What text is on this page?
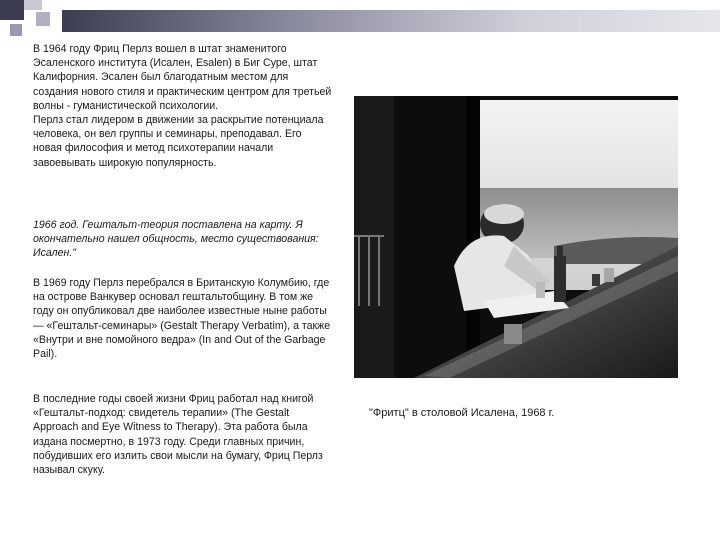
В 1964 году Фриц Перлз вошел в штат знаменитого Эсаленского института (Исален, Esalen) в Биг Суре, штат Калифорния. Эсален был благодатным местом для создания нового стиля и практическим центром для третьей волны - гуманистической психологии.

Перлз стал лидером в движении за раскрытие потенциала человека, он вел группы и семинары, преподавал. Его новая философия и метод психотерапии начали завоевывать широкую популярность.

1966 год. Гештальт-теория поставлена на карту. Я окончательно нашел общность, место существования: Исален."

В 1969 году Перлз перебрался в Британскую Колумбию, где на острове Ванкувер основал гештальтобщину. В том же году он опубликовал две наиболее известные ныне работы — «Гештальт-семинары» (Gestalt Therapy Verbatim), а также «Внутри и вне помойного ведра» (In and Out of the Garbage Pail).

В последние годы своей жизни Фриц работал над книгой «Гештальт-подход: свидетель терапии» (The Gestalt Approach and Eye Witness to Therapy). Эта работа была издана посмертно, в 1973 году. Среди главных причин, побудивших его излить свои мысли на бумагу, Фриц Перлз называл скуку.

"Фритц" в столовой Исалена, 1968 г.
